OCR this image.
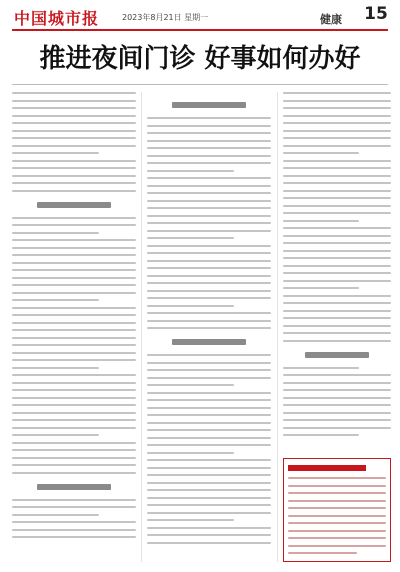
中国城市报	2023年8月21日 星期一	健康 15
推进夜间门诊 好事如何办好
